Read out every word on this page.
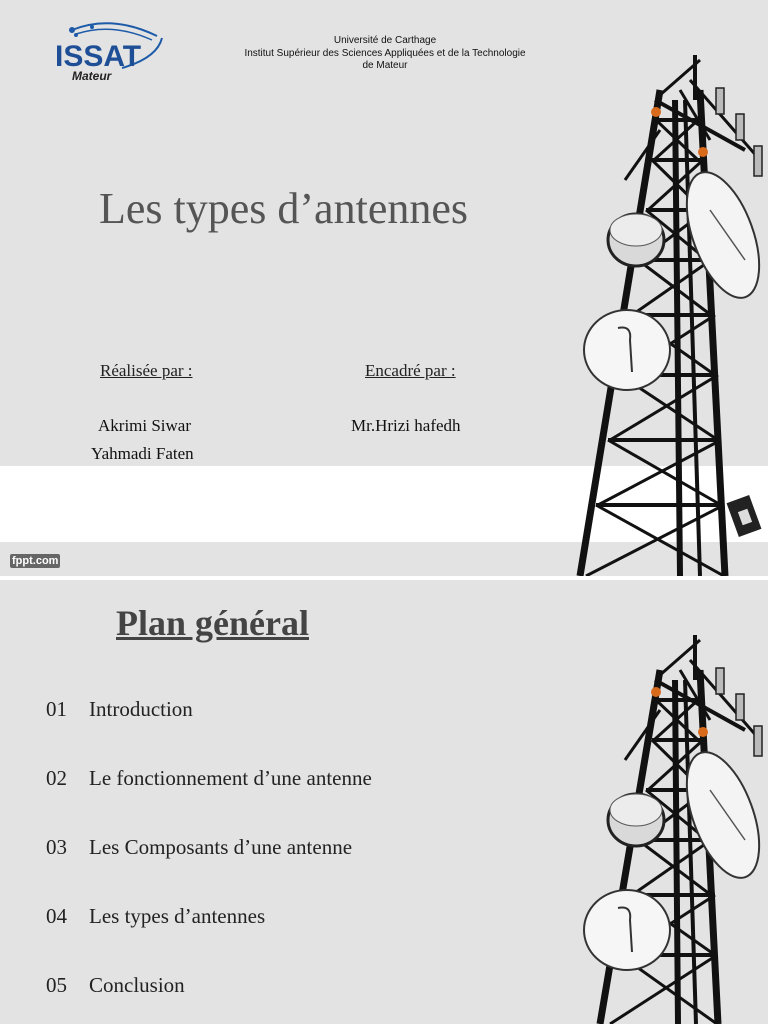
ISSAT
Mateur
Université de Carthage
Institut Supérieur des Sciences Appliquées et de la Technologie
de Mateur
Les types d’antennes
Réalisée par :	Encadré par :
Akrimi Siwar
Yahmadi Faten
Mr.Hrizi hafedh
fppt.com
Plan général
01 Introduction
02 Le fonctionnement d’une antenne
03 Les Composants d’une antenne
04 Les types d’antennes
05 Conclusion
